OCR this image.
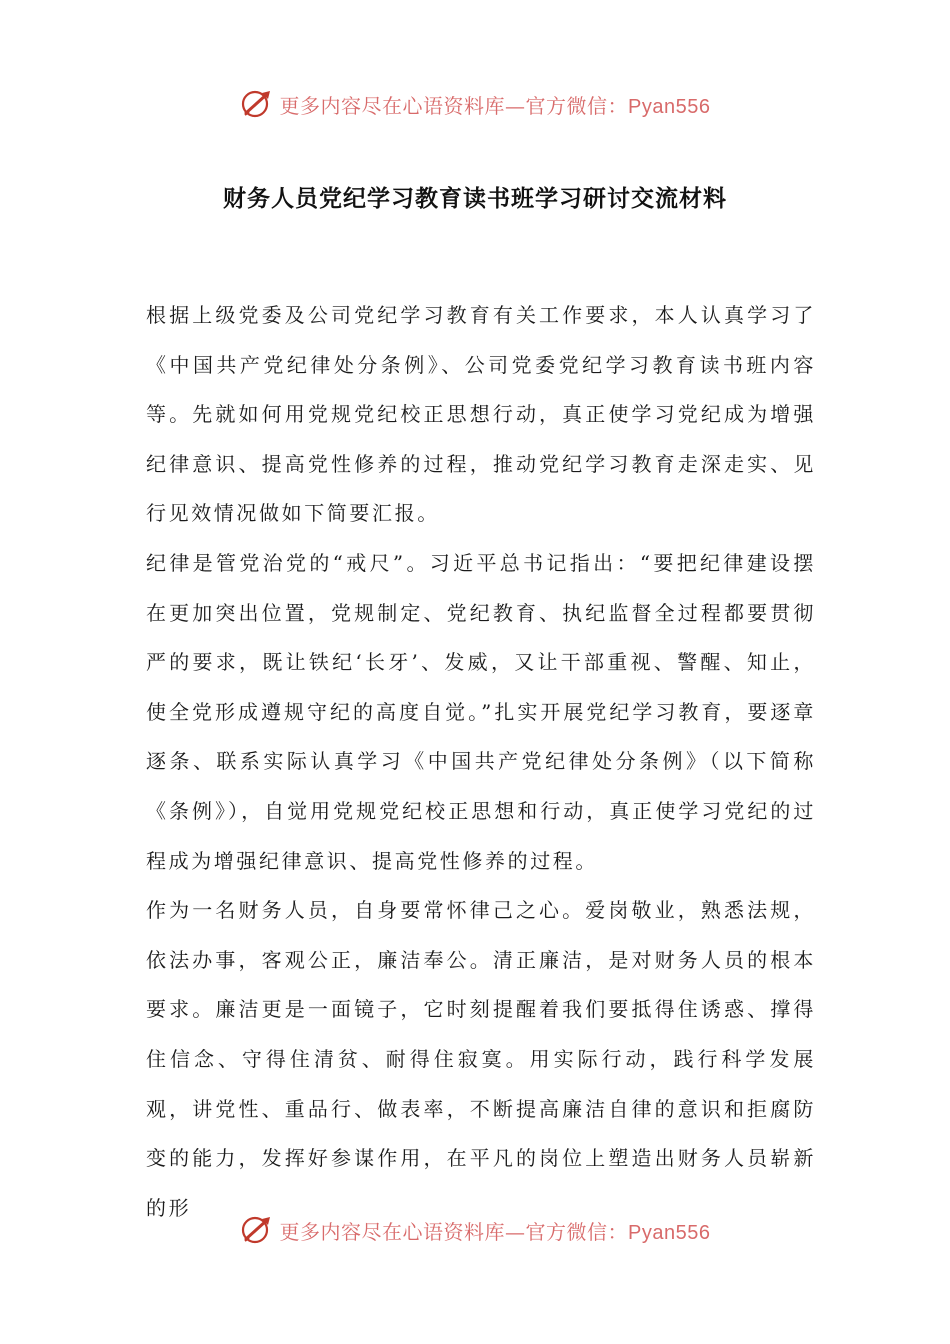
更多内容尽在心语资料库—官方微信：Pyan556
财务人员党纪学习教育读书班学习研讨交流材料

根据上级党委及公司党纪学习教育有关工作要求，本人认真学习了《中国共产党纪律处分条例》、公司党委党纪学习教育读书班内容等。先就如何用党规党纪校正思想行动，真正使学习党纪成为增强纪律意识、提高党性修养的过程，推动党纪学习教育走深走实、见行见效情况做如下简要汇报。

纪律是管党治党的“戒尺”。习近平总书记指出：“要把纪律建设摆在更加突出位置，党规制定、党纪教育、执纪监督全过程都要贯彻严的要求，既让铁纪‘长牙’、发威，又让干部重视、警醒、知止，使全党形成遵规守纪的高度自觉。”扎实开展党纪学习教育，要逐章逐条、联系实际认真学习《中国共产党纪律处分条例》（以下简称《条例》），自觉用党规党纪校正思想和行动，真正使学习党纪的过程成为增强纪律意识、提高党性修养的过程。

作为一名财务人员，自身要常怀律己之心。爱岗敬业，熟悉法规，依法办事，客观公正，廉洁奉公。清正廉洁，是对财务人员的根本要求。廉洁更是一面镜子，它时刻提醒着我们要抵得住诱惑、撑得住信念、守得住清贫、耐得住寂寞。用实际行动，践行科学发展观，讲党性、重品行、做表率，不断提高廉洁自律的意识和拒腐防变的能力，发挥好参谋作用，在平凡的岗位上塑造出财务人员崭新的形

更多内容尽在心语资料库—官方微信：Pyan556
